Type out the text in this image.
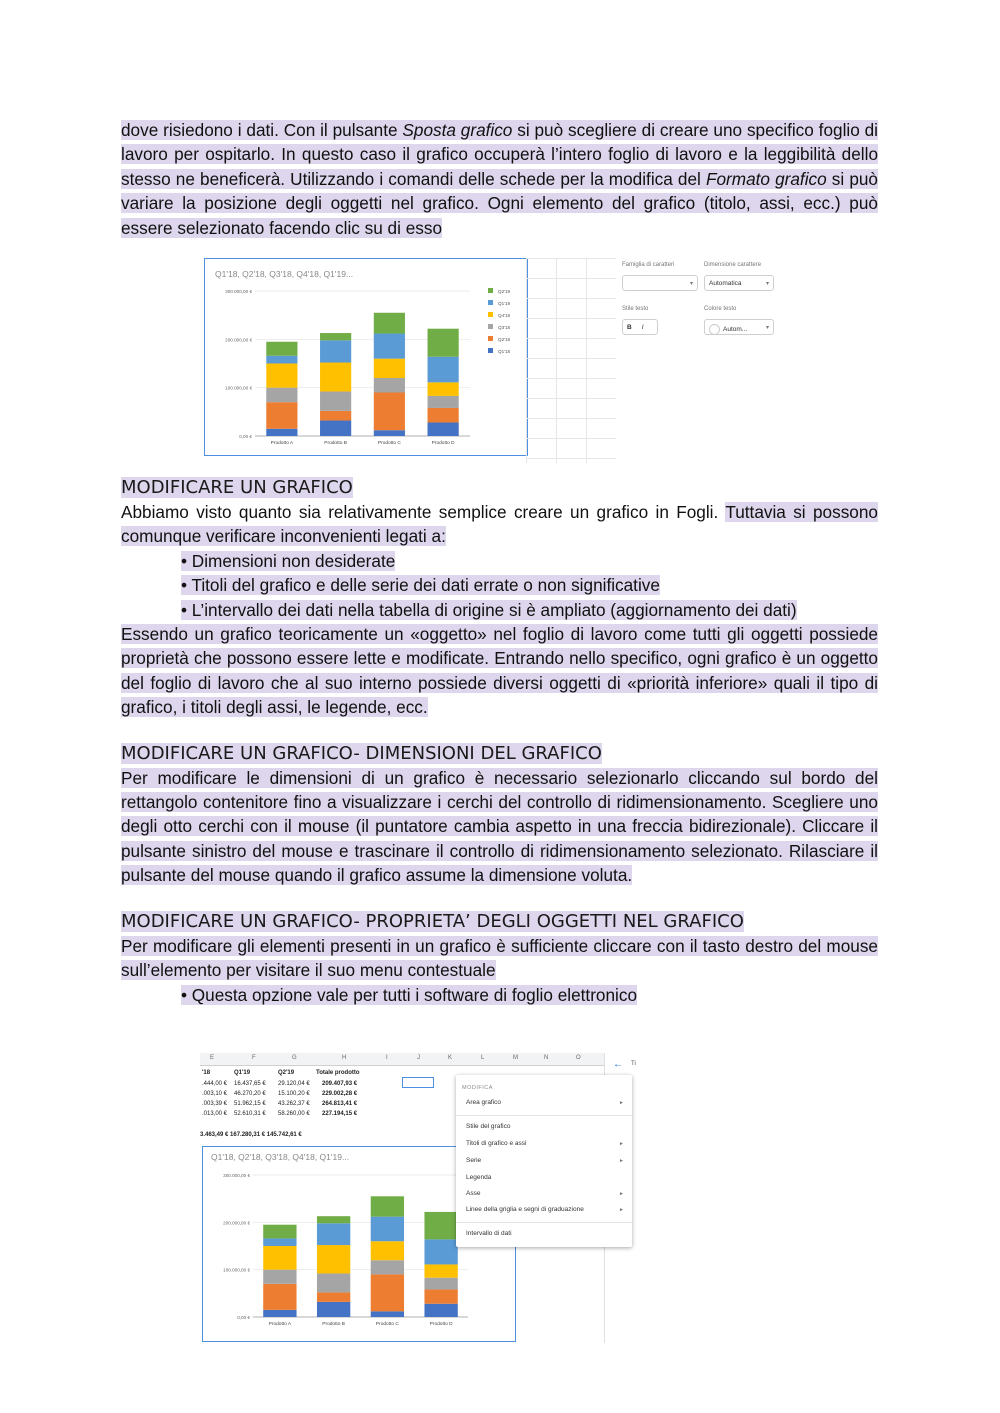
dove risiedono i dati. Con il pulsante Sposta grafico si può scegliere di creare uno specifico foglio di lavoro per ospitarlo. In questo caso il grafico occuperà l’intero foglio di lavoro e la leggibilità dello stesso ne beneficerà. Utilizzando i comandi delle schede per la modifica del Formato grafico si può variare la posizione degli oggetti nel grafico. Ogni elemento del grafico (titolo, assi, ecc.) può essere selezionato facendo clic su di esso

Q1'18, Q2'18, Q3'18, Q4'18, Q1'19...
0,00 €
100.000,00 €
200.000,00 €
300.000,00 €
Prodotto A	Prodotto B	Prodotto C	Prodotto D
Q2'19
Q1'19
Q4'18
Q3'18
Q2'18
Q1'18
Famiglia di caratteri
▾
Dimensione carattere
Automatica	▾
Stile testo
B I
Colore testo
Autom...	▾

MODIFICARE UN GRAFICO

Abbiamo visto quanto sia relativamente semplice creare un grafico in Fogli. Tuttavia si possono comunque verificare inconvenienti legati a:

• Dimensioni non desiderate

• Titoli del grafico e delle serie dei dati errate o non significative

• L’intervallo dei dati nella tabella di origine si è ampliato (aggiornamento dei dati)

Essendo un grafico teoricamente un «oggetto» nel foglio di lavoro come tutti gli oggetti possiede proprietà che possono essere lette e modificate. Entrando nello specifico, ogni grafico è un oggetto del foglio di lavoro che al suo interno possiede diversi oggetti di «priorità inferiore» quali il tipo di grafico, i titoli degli assi, le legende, ecc.

MODIFICARE UN GRAFICO- DIMENSIONI DEL GRAFICO

Per modificare le dimensioni di un grafico è necessario selezionarlo cliccando sul bordo del rettangolo contenitore fino a visualizzare i cerchi del controllo di ridimensionamento. Scegliere uno degli otto cerchi con il mouse (il puntatore cambia aspetto in una freccia bidirezionale). Cliccare il pulsante sinistro del mouse e trascinare il controllo di ridimensionamento selezionato. Rilasciare il pulsante del mouse quando il grafico assume la dimensione voluta.

MODIFICARE UN GRAFICO- PROPRIETA’ DEGLI OGGETTI NEL GRAFICO

Per modificare gli elementi presenti in un grafico è sufficiente cliccare con il tasto destro del mouse sull’elemento per visitare il suo menu contestuale

• Questa opzione vale per tutti i software di foglio elettronico

E	F	G	H	I	J	K	L	M	N	O
'18	Q1'19	Q2'19	Totale prodotto
.444,00 € 16.437,65 € 29.120,04 € 209.407,93 €
.003,10 € 46.270,20 € 15.100,20 € 229.002,28 €
.003,39 € 51.962,15 € 43.262,37 € 264.813,41 €
.013,00 € 52.610,31 € 58.260,00 € 227.194,15 €
3.463,49 € 167.280,31 € 145.742,61 €
Q1'18, Q2'18, Q3'18, Q4'18, Q1'19...
0,00 €
100.000,00 €
200.000,00 €
300.000,00 €
Prodotto A	Prodotto B	Prodotto C	Prodotto D
← Ti
MODIFICA
Area grafico	►
Stile del grafico
Titoli di grafico e assi	►
Serie	►
Legenda
Asse	►
Linee della griglia e segni di graduazione	►
Intervallo di dati
